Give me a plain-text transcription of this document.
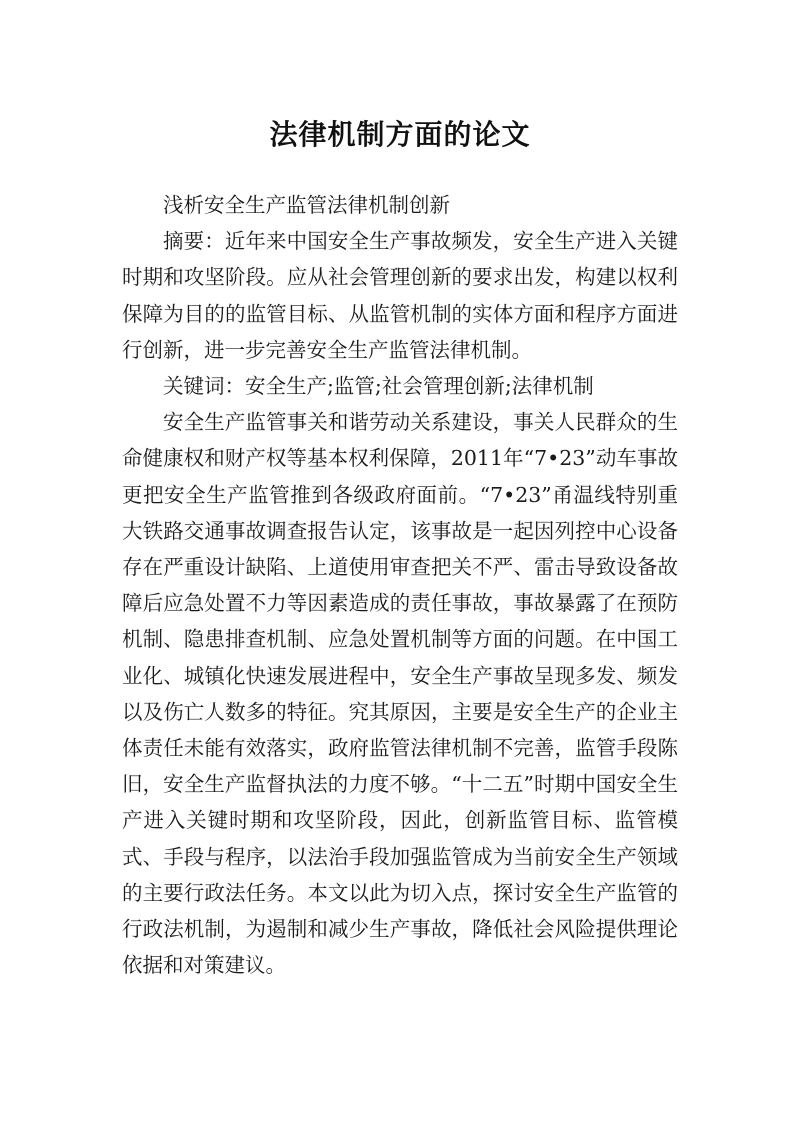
法律机制方面的论文

浅析安全生产监管法律机制创新

摘要：近年来中国安全生产事故频发，安全生产进入关键时期和攻坚阶段。应从社会管理创新的要求出发，构建以权利保障为目的的监管目标、从监管机制的实体方面和程序方面进行创新，进一步完善安全生产监管法律机制。

关键词：安全生产;监管;社会管理创新;法律机制

安全生产监管事关和谐劳动关系建设，事关人民群众的生命健康权和财产权等基本权利保障，2011年“7•23”动车事故更把安全生产监管推到各级政府面前。“7•23”甬温线特别重大铁路交通事故调查报告认定，该事故是一起因列控中心设备存在严重设计缺陷、上道使用审查把关不严、雷击导致设备故障后应急处置不力等因素造成的责任事故，事故暴露了在预防机制、隐患排查机制、应急处置机制等方面的问题。在中国工业化、城镇化快速发展进程中，安全生产事故呈现多发、频发以及伤亡人数多的特征。究其原因，主要是安全生产的企业主体责任未能有效落实，政府监管法律机制不完善，监管手段陈旧，安全生产监督执法的力度不够。“十二五”时期中国安全生产进入关键时期和攻坚阶段，因此，创新监管目标、监管模式、手段与程序，以法治手段加强监管成为当前安全生产领域的主要行政法任务。本文以此为切入点，探讨安全生产监管的行政法机制，为遏制和减少生产事故，降低社会风险提供理论依据和对策建议。
